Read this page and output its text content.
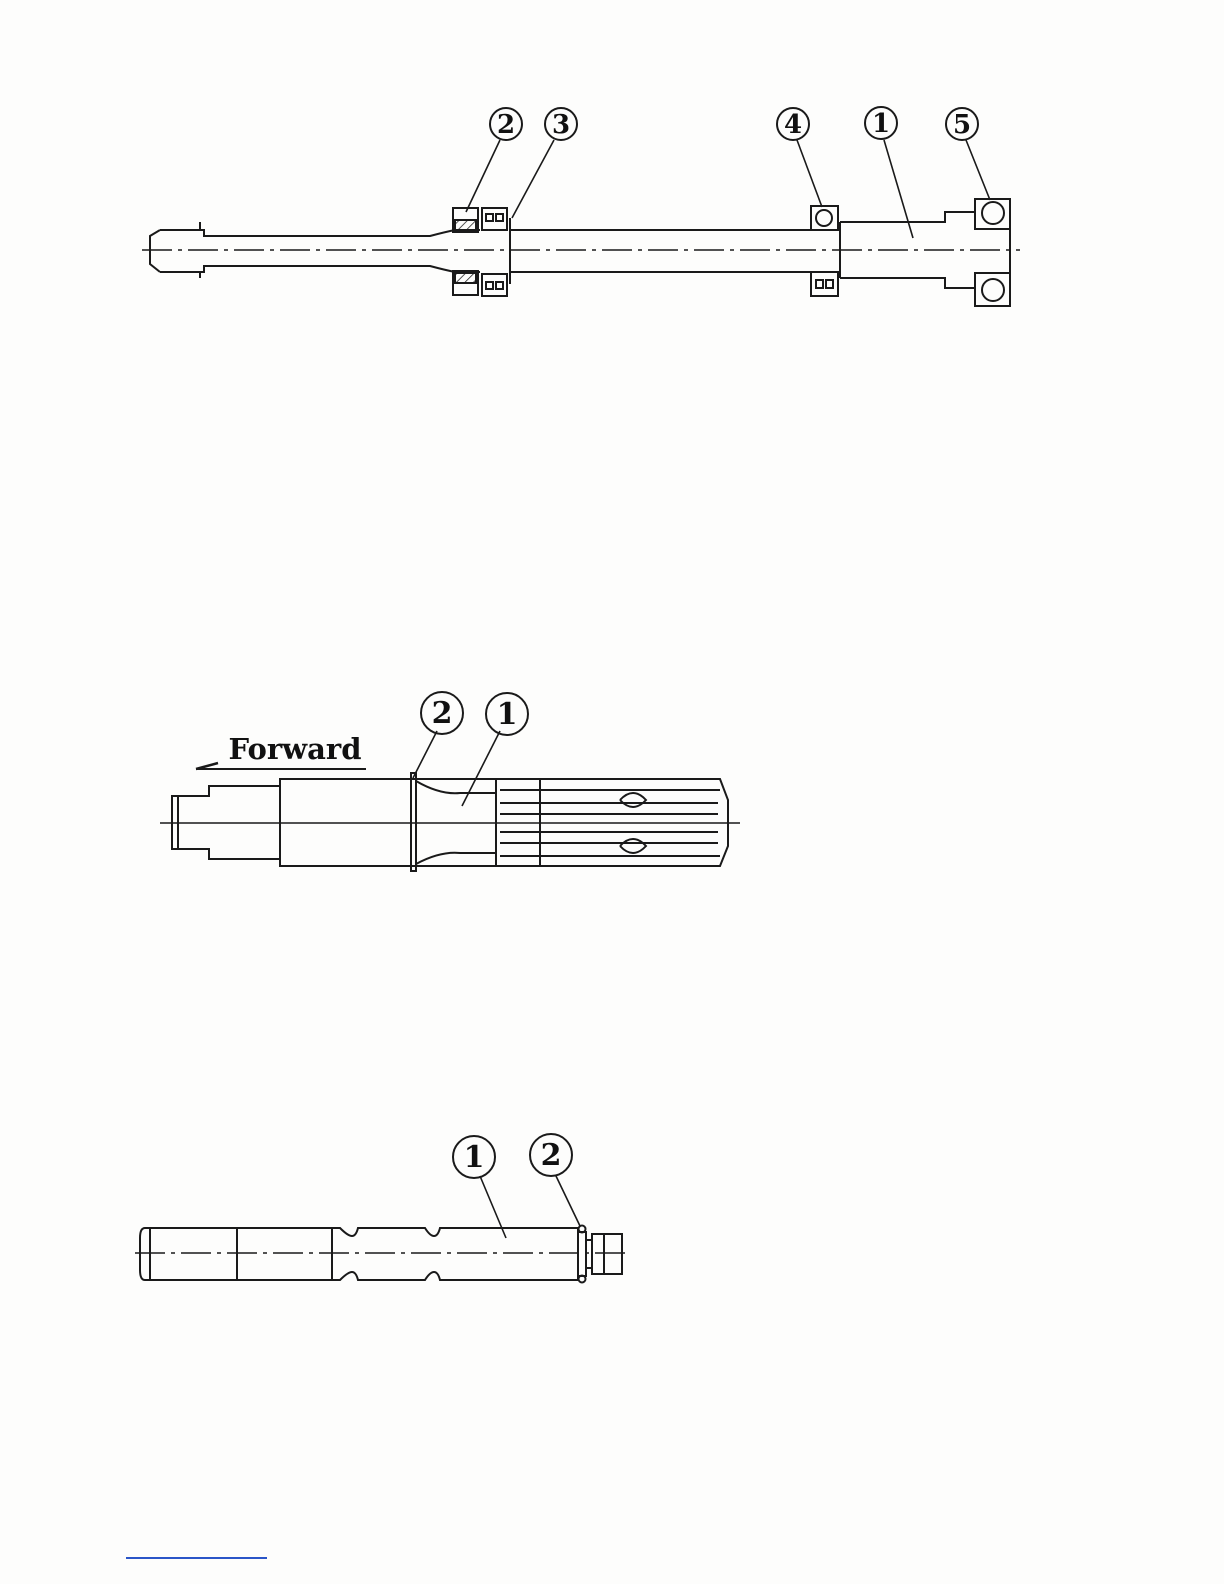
2 3	4	1 5
2 1
Forward
1 2
